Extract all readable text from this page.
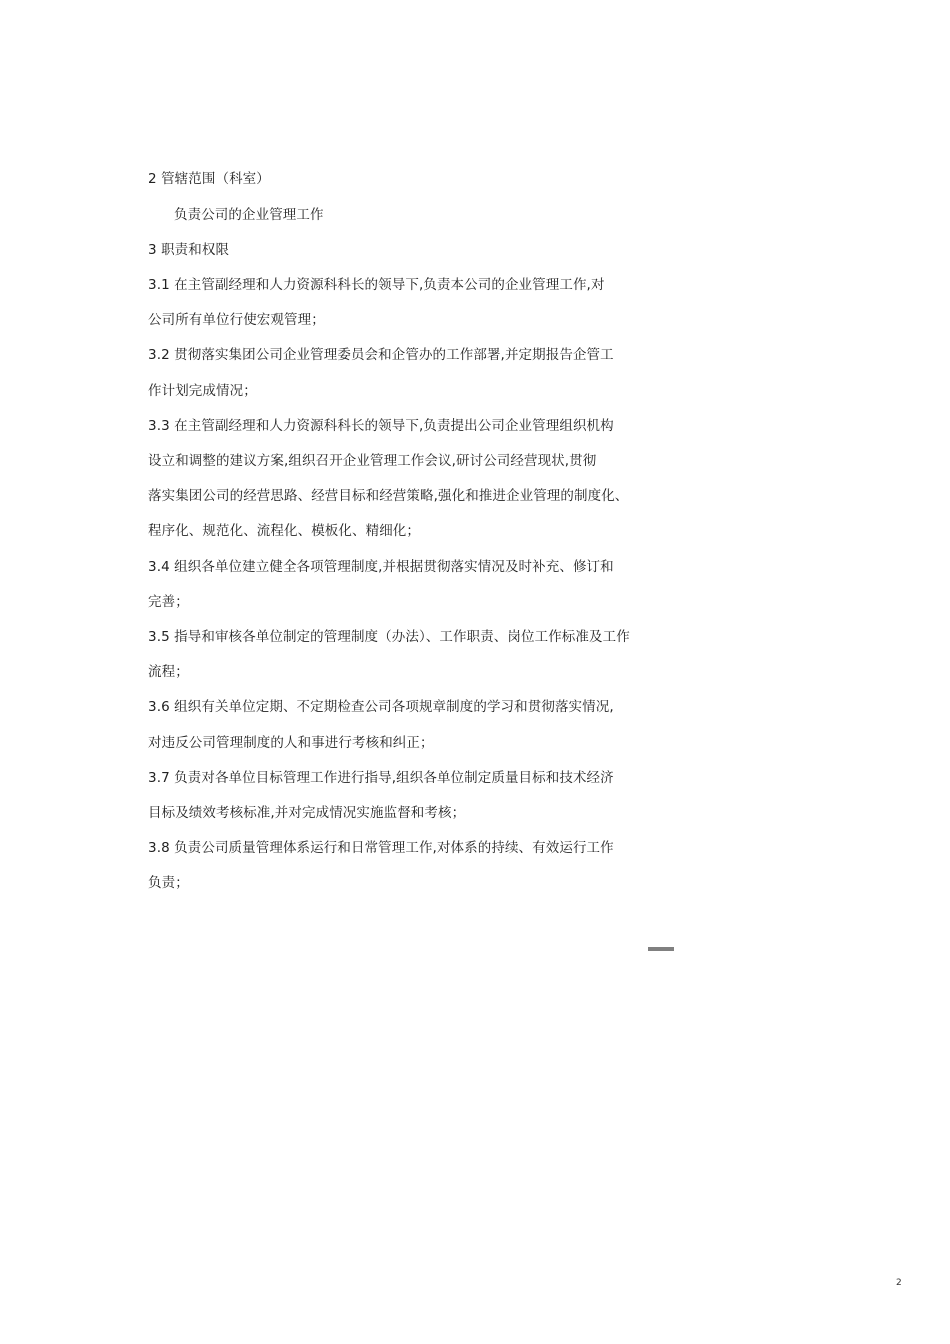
2 管辖范围（科室）
负责公司的企业管理工作
3 职责和权限
3.1 在主管副经理和人力资源科科长的领导下,负责本公司的企业管理工作,对
公司所有单位行使宏观管理；
3.2 贯彻落实集团公司企业管理委员会和企管办的工作部署,并定期报告企管工
作计划完成情况；
3.3 在主管副经理和人力资源科科长的领导下,负责提出公司企业管理组织机构
设立和调整的建议方案,组织召开企业管理工作会议,研讨公司经营现状,贯彻
落实集团公司的经营思路、经营目标和经营策略,强化和推进企业管理的制度化、
程序化、规范化、流程化、模板化、精细化；
3.4 组织各单位建立健全各项管理制度,并根据贯彻落实情况及时补充、修订和
完善；
3.5 指导和审核各单位制定的管理制度（办法）、工作职责、岗位工作标准及工作
流程；
3.6 组织有关单位定期、不定期检查公司各项规章制度的学习和贯彻落实情况,
对违反公司管理制度的人和事进行考核和纠正；
3.7 负责对各单位目标管理工作进行指导,组织各单位制定质量目标和技术经济
目标及绩效考核标准,并对完成情况实施监督和考核；
3.8 负责公司质量管理体系运行和日常管理工作,对体系的持续、有效运行工作
负责；
2
